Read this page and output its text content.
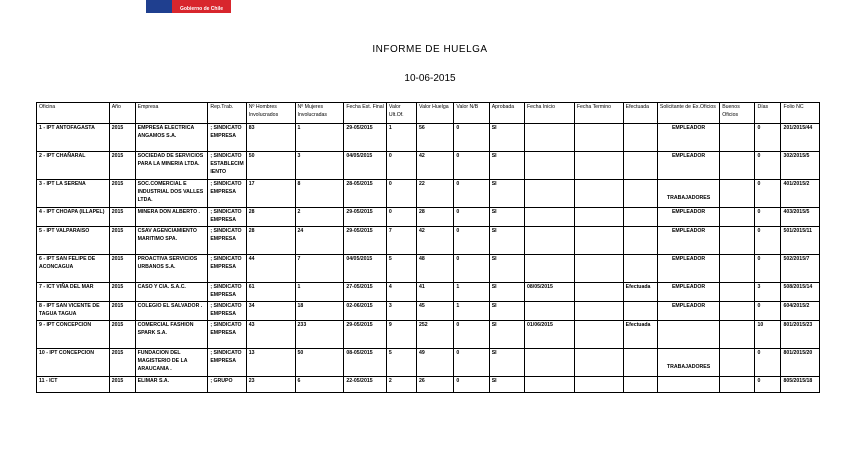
Gobierno de Chile
INFORME DE HUELGA
10-06-2015
Oficina	Año	Empresa	Rep.Trab.	Nº Hombres Involucrados	Nº Mujeres Involucradas	Fecha Est. Final	Valor Ult.Of.	Valor Huelga	Valor N/B	Aprobada	Fecha Inicio	Fecha Termino	Efectuada	Solicitante de Ex.Oficios	Buenos Oficios	Días	Folio NC
1 - IPT ANTOFAGASTA	2015	EMPRESA ELECTRICA ANGAMOS S.A.	; SINDICATO EMPRESA	83	1	29-05/2015	1	56	0	SI				EMPLEADOR		0	201/2015/44
2 - IPT CHAÑARAL	2015	SOCIEDAD DE SERVICIOS PARA LA MINERIA LTDA.	; SINDICATO ESTABLECIMIENTO	50	3	04/05/2015	0	42	0	SI				EMPLEADOR		0	302/2015/5
3 - IPT LA SERENA	2015	SOC.COMERCIAL E INDUSTRIAL DOS VALLES LTDA.	; SINDICATO EMPRESA	17	8	28-05/2015	0	22	0	SI				TRABAJADORES		0	401/2015/2
4 - IPT CHOAPA (ILLAPEL)	2015	MINERA DON ALBERTO .	; SINDICATO EMPRESA	28	2	29-05/2015	0	28	0	SI				EMPLEADOR		0	403/2015/5
5 - IPT VALPARAISO	2015	CSAV AGENCIAMIENTO MARITIMO SPA.	; SINDICATO EMPRESA	28	24	29-05/2015	7	42	0	SI				EMPLEADOR		0	501/2015/11
6 - IPT SAN FELIPE DE ACONCAGUA	2015	PROACTIVA SERVICIOS URBANOS S.A.	; SINDICATO EMPRESA	44	7	04/05/2015	5	48	0	SI				EMPLEADOR		0	502/2015/7
7 - ICT VIÑA DEL MAR	2015	CASO Y CIA. S.A.C.	; SINDICATO EMPRESA	61	1	27-05/2015	4	41	1	SI	08/05/2015		Efectuada	EMPLEADOR		3	508/2015/14
8 - IPT SAN VICENTE DE TAGUA TAGUA	2015	COLEGIO EL SALVADOR .	; SINDICATO EMPRESA	34	18	02-06/2015	3	45	1	SI				EMPLEADOR		0	604/2015/2
9 - IPT CONCEPCION	2015	COMERCIAL FASHION SPARK S.A.	; SINDICATO EMPRESA	43	233	29-05/2015	9	252	0	SI	01/06/2015		Efectuada			10	801/2015/23
10 - IPT CONCEPCION	2015	FUNDACION DEL MAGISTERIO DE LA ARAUCANIA .	; SINDICATO EMPRESA	13	50	08-05/2015	5	49	0	SI				TRABAJADORES		0	801/2015/20
11 - ICT	2015	ELIMAR S.A.	; GRUPO	23	6	22-05/2015	2	26	0	SI						0	805/2015/18
